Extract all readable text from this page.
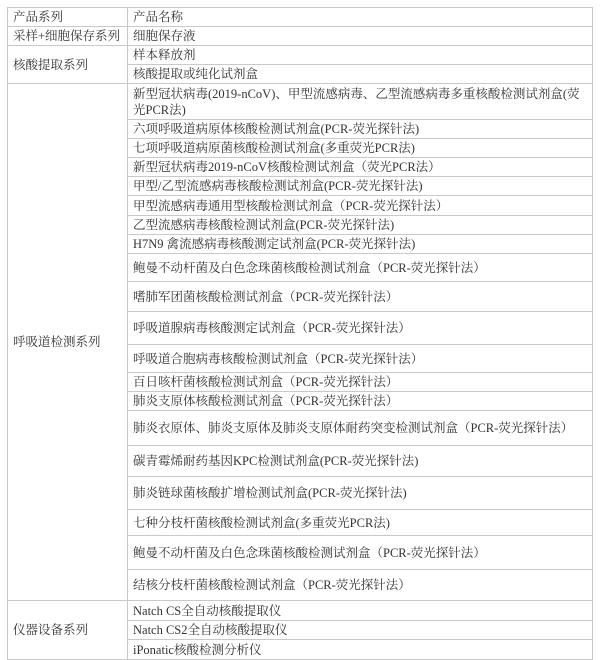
产品系列	产品名称
采样+细胞保存系列	细胞保存液
核酸提取系列	样本释放剂
	核酸提取或纯化试剂盒
呼吸道检测系列	新型冠状病毒(2019-nCoV)、甲型流感病毒、乙型流感病毒多重核酸检测试剂盒(荧光PCR法)
	六项呼吸道病原体核酸检测试剂盒(PCR-荧光探针法)
	七项呼吸道病原菌核酸检测试剂盒(多重荧光PCR法)
	新型冠状病毒2019-nCoV核酸检测试剂盒（荧光PCR法）
	甲型/乙型流感病毒核酸检测试剂盒(PCR-荧光探针法)
	甲型流感病毒通用型核酸检测试剂盒（PCR-荧光探针法）
	乙型流感病毒核酸检测试剂盒(PCR-荧光探针法)
	H7N9 禽流感病毒核酸测定试剂盒(PCR-荧光探针法)
	鲍曼不动杆菌及白色念珠菌核酸检测试剂盒（PCR-荧光探针法）
	嗜肺军团菌核酸检测试剂盒（PCR-荧光探针法）
	呼吸道腺病毒核酸测定试剂盒（PCR-荧光探针法）
	呼吸道合胞病毒核酸检测试剂盒（PCR-荧光探针法）
	百日咳杆菌核酸检测试剂盒（PCR-荧光探针法）
	肺炎支原体核酸检测试剂盒（PCR-荧光探针法）
	肺炎衣原体、肺炎支原体及肺炎支原体耐药突变检测试剂盒（PCR-荧光探针法）
	碳青霉烯耐药基因KPC检测试剂盒(PCR-荧光探针法)
	肺炎链球菌核酸扩增检测试剂盒(PCR-荧光探针法)
	七种分枝杆菌核酸检测试剂盒(多重荧光PCR法)
	鲍曼不动杆菌及白色念珠菌核酸检测试剂盒（PCR-荧光探针法）
	结核分枝杆菌核酸检测试剂盒（PCR-荧光探针法）
仪器设备系列	Natch CS全自动核酸提取仪
	Natch CS2全自动核酸提取仪
	iPonatic核酸检测分析仪
